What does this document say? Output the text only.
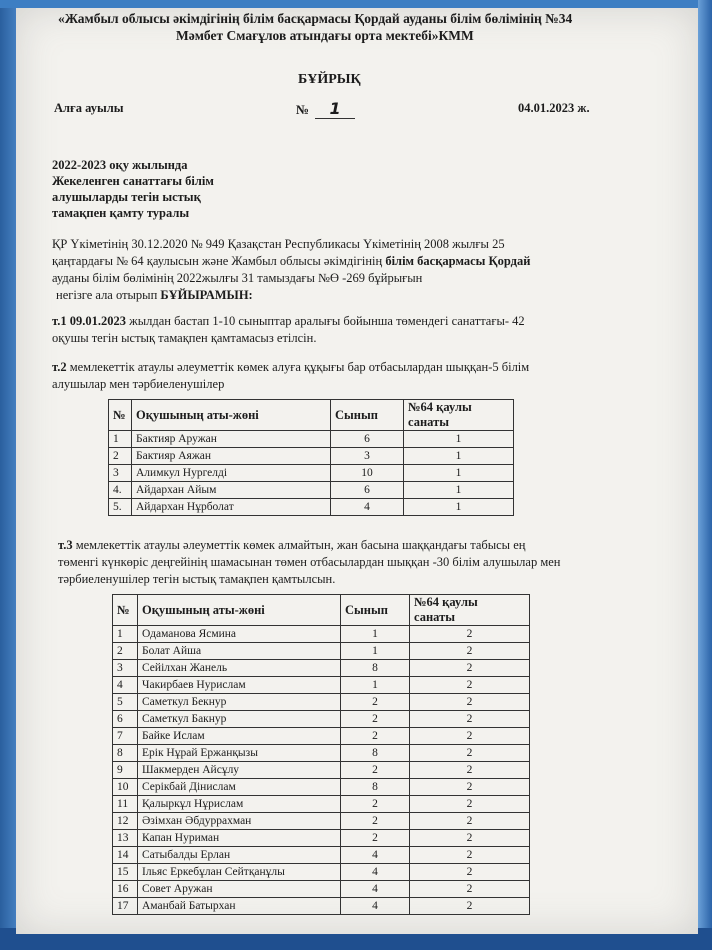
«Жамбыл облысы әкімдігінің білім басқармасы Қордай ауданы білім бөлімінің №34
Мәмбет Смағұлов атындағы орта мектебі»КММ
БҰЙРЫҚ
Алға ауылы	№ 1	04.01.2023 ж.
2022-2023 оқу жылында
Жекеленген санаттағы білім
алушыларды тегін ыстық
тамақпен қамту туралы
ҚР Үкіметінің 30.12.2020 № 949 Қазақстан Республикасы Үкіметінің 2008 жылғы 25
қаңтардағы № 64 қаулысын және Жамбыл облысы әкімдігінің білім басқармасы Қордай
ауданы білім бөлімінің 2022жылғы 31 тамыздағы №Ө -269 бұйрығын
негізге ала отырып БҰЙЫРАМЫН:
т.1 09.01.2023 жылдан бастап 1-10 сыныптар аралығы бойынша төмендегі санаттағы- 42
оқушы тегін ыстық тамақпен қамтамасыз етілсін.
т.2 мемлекеттік атаулы әлеуметтік көмек алуға құқығы бар отбасылардан шыққан-5 білім
алушылар мен тәрбиеленушілер
№	Оқушының аты-жөні	Сынып	№64 қаулы
санаты
1	Бактияр Аружан	6	1
2	Бактияр Аяжан	3	1
3	Алимкул Нургелді	10	1
4.	Айдархан Айым	6	1
5.	Айдархан Нұрболат	4	1
т.3 мемлекеттік атаулы әлеуметтік көмек алмайтын, жан басына шаққандағы табысы ең
төменгі күнкөріс деңгейінің шамасынан төмен отбасылардан шыққан -30 білім алушылар мен
тәрбиеленушілер тегін ыстық тамақпен қамтылсын.
№	Оқушының аты-жөні	Сынып	№64 қаулы
санаты
1	Одаманова Ясмина	1	2
2	Болат Айша	1	2
3	Сейілхан Жанель	8	2
4	Чакирбаев Нурислам	1	2
5	Саметкул Бекнур	2	2
6	Саметкул Бакнур	2	2
7	Байке Ислам	2	2
8	Ерік Нұрай Ержанқызы	8	2
9	Шакмерден Айсұлу	2	2
10	Серікбай Дінислам	8	2
11	Қалыркұл Нұрислам	2	2
12	Әзімхан Әбдуррахман	2	2
13	Капан Нуриман	2	2
14	Сатыбалды Ерлан	4	2
15	Ільяс Еркебұлан Сейтқанұлы	4	2
16	Совет Аружан	4	2
17	Аманбай Батырхан	4	2
